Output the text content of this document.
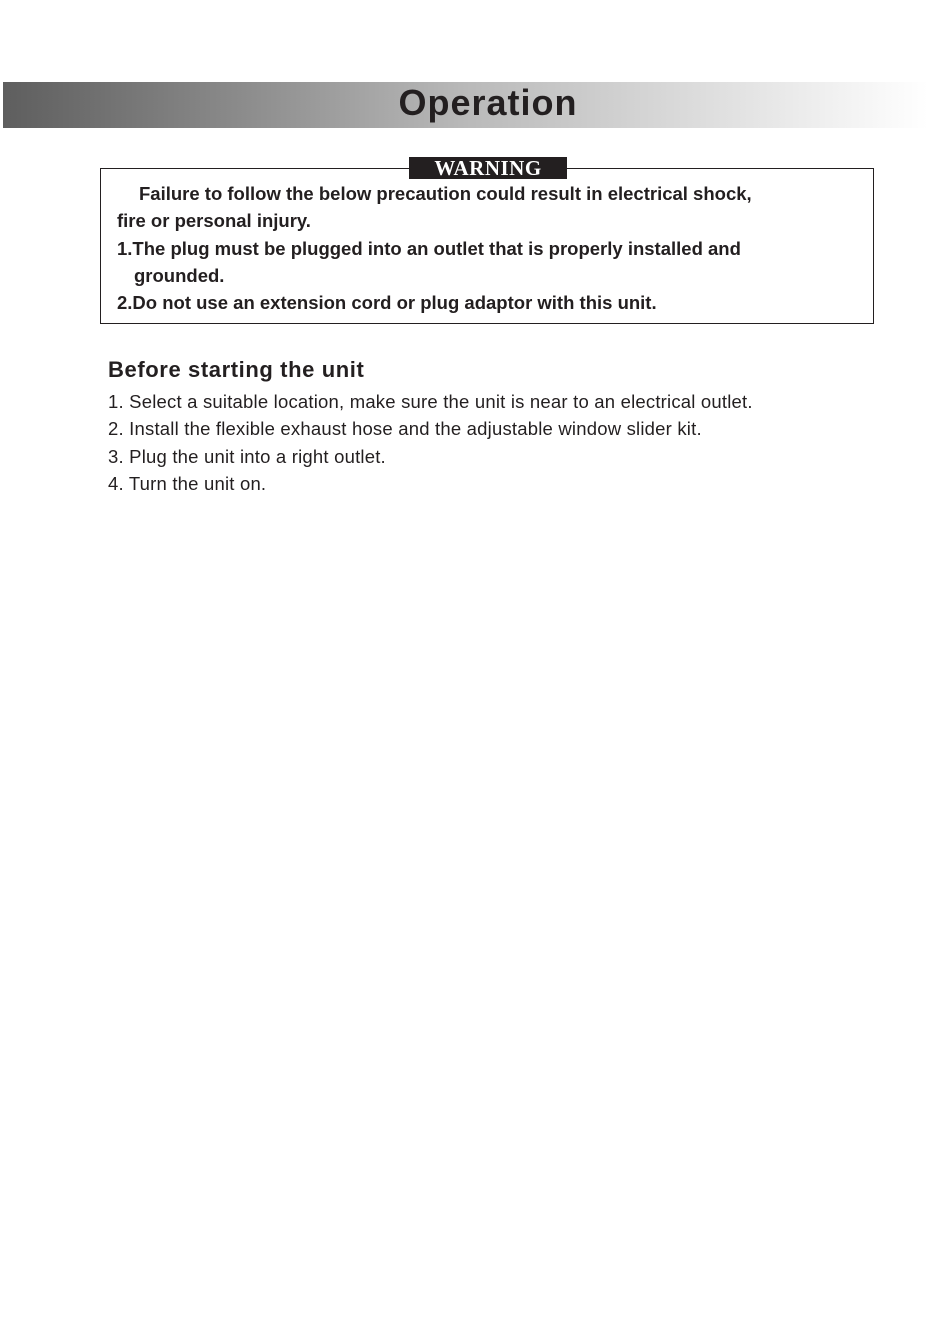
Operation
WARNING

Failure to follow the below precaution could result in electrical shock,

fire or personal injury.

1.The plug must be plugged into an outlet that is properly installed and

grounded.

2.Do not use an extension cord or plug adaptor with this unit.

Before starting the unit
1. Select a suitable location, make sure the unit is near to an electrical outlet.
2. Install the flexible exhaust hose and the adjustable window slider kit.
3. Plug the unit into a right outlet.
4. Turn the unit on.
